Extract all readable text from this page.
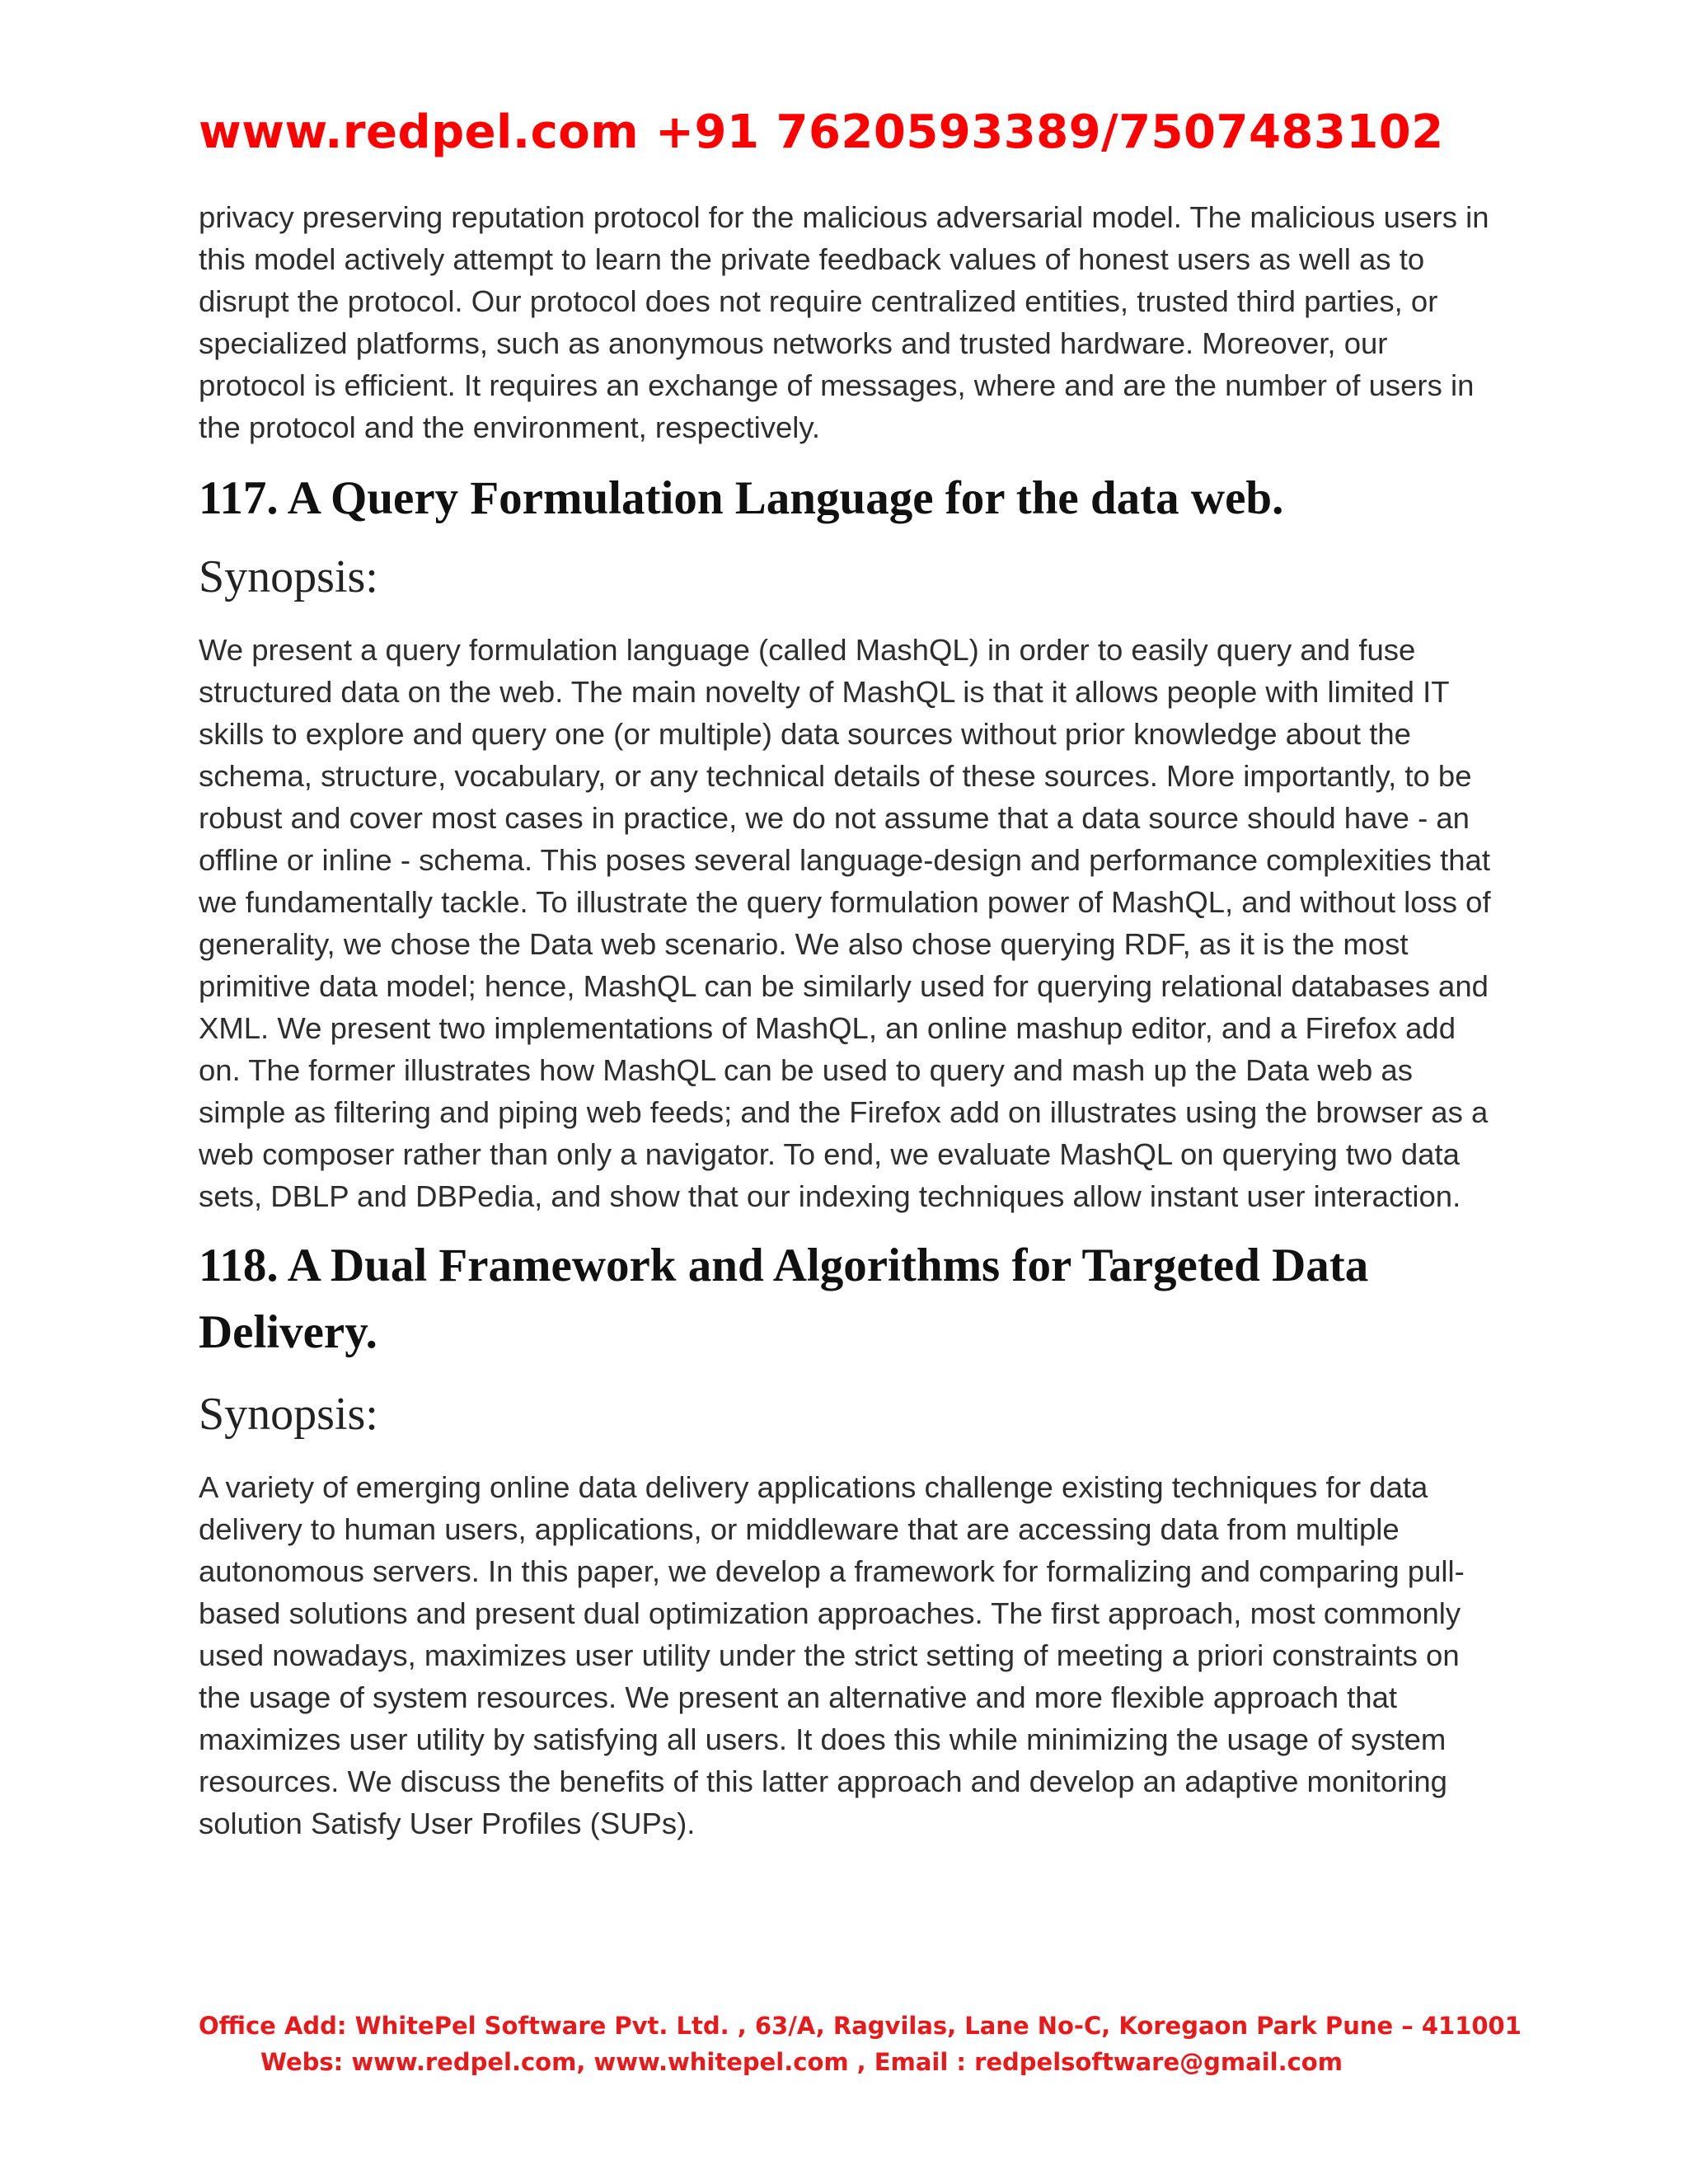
www.redpel.com +91 7620593389/7507483102

privacy preserving reputation protocol for the malicious adversarial model. The malicious users in this model actively attempt to learn the private feedback values of honest users as well as to disrupt the protocol. Our protocol does not require centralized entities, trusted third parties, or specialized platforms, such as anonymous networks and trusted hardware. Moreover, our protocol is efficient. It requires an exchange of messages, where and are the number of users in the protocol and the environment, respectively.

117. A Query Formulation Language for the data web.
Synopsis:

We present a query formulation language (called MashQL) in order to easily query and fuse structured data on the web. The main novelty of MashQL is that it allows people with limited IT skills to explore and query one (or multiple) data sources without prior knowledge about the schema, structure, vocabulary, or any technical details of these sources. More importantly, to be robust and cover most cases in practice, we do not assume that a data source should have - an offline or inline - schema. This poses several language-design and performance complexities that we fundamentally tackle. To illustrate the query formulation power of MashQL, and without loss of generality, we chose the Data web scenario. We also chose querying RDF, as it is the most primitive data model; hence, MashQL can be similarly used for querying relational databases and XML. We present two implementations of MashQL, an online mashup editor, and a Firefox add on. The former illustrates how MashQL can be used to query and mash up the Data web as simple as filtering and piping web feeds; and the Firefox add on illustrates using the browser as a web composer rather than only a navigator. To end, we evaluate MashQL on querying two data sets, DBLP and DBPedia, and show that our indexing techniques allow instant user interaction.

118. A Dual Framework and Algorithms for Targeted Data Delivery.
Synopsis:

A variety of emerging online data delivery applications challenge existing techniques for data delivery to human users, applications, or middleware that are accessing data from multiple autonomous servers. In this paper, we develop a framework for formalizing and comparing pull-based solutions and present dual optimization approaches. The first approach, most commonly used nowadays, maximizes user utility under the strict setting of meeting a priori constraints on the usage of system resources. We present an alternative and more flexible approach that maximizes user utility by satisfying all users. It does this while minimizing the usage of system resources. We discuss the benefits of this latter approach and develop an adaptive monitoring solution Satisfy User Profiles (SUPs).

Office Add: WhitePel Software Pvt. Ltd. , 63/A, Ragvilas, Lane No-C, Koregaon Park Pune – 411001
Webs: www.redpel.com, www.whitepel.com , Email : redpelsoftware@gmail.com
